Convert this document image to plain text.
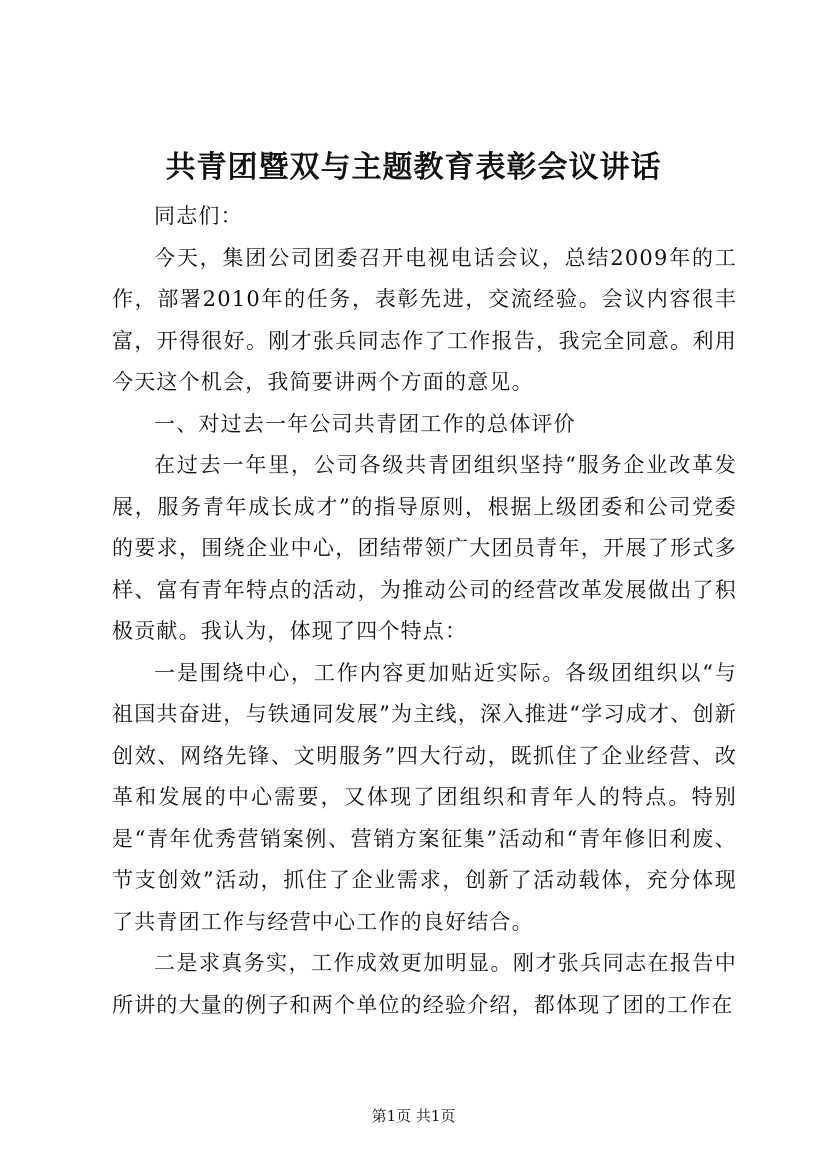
共青团暨双与主题教育表彰会议讲话

同志们：

今天，集团公司团委召开电视电话会议，总结2009年的工作，部署2010年的任务，表彰先进，交流经验。会议内容很丰富，开得很好。刚才张兵同志作了工作报告，我完全同意。利用今天这个机会，我简要讲两个方面的意见。

一、对过去一年公司共青团工作的总体评价

在过去一年里，公司各级共青团组织坚持“服务企业改革发展，服务青年成长成才”的指导原则，根据上级团委和公司党委的要求，围绕企业中心，团结带领广大团员青年，开展了形式多样、富有青年特点的活动，为推动公司的经营改革发展做出了积极贡献。我认为，体现了四个特点：

一是围绕中心，工作内容更加贴近实际。各级团组织以“与祖国共奋进，与铁通同发展”为主线，深入推进“学习成才、创新创效、网络先锋、文明服务”四大行动，既抓住了企业经营、改革和发展的中心需要，又体现了团组织和青年人的特点。特别是“青年优秀营销案例、营销方案征集”活动和“青年修旧利废、节支创效”活动，抓住了企业需求，创新了活动载体，充分体现了共青团工作与经营中心工作的良好结合。

二是求真务实，工作成效更加明显。刚才张兵同志在报告中所讲的大量的例子和两个单位的经验介绍，都体现了团的工作在

第1页 共1页
